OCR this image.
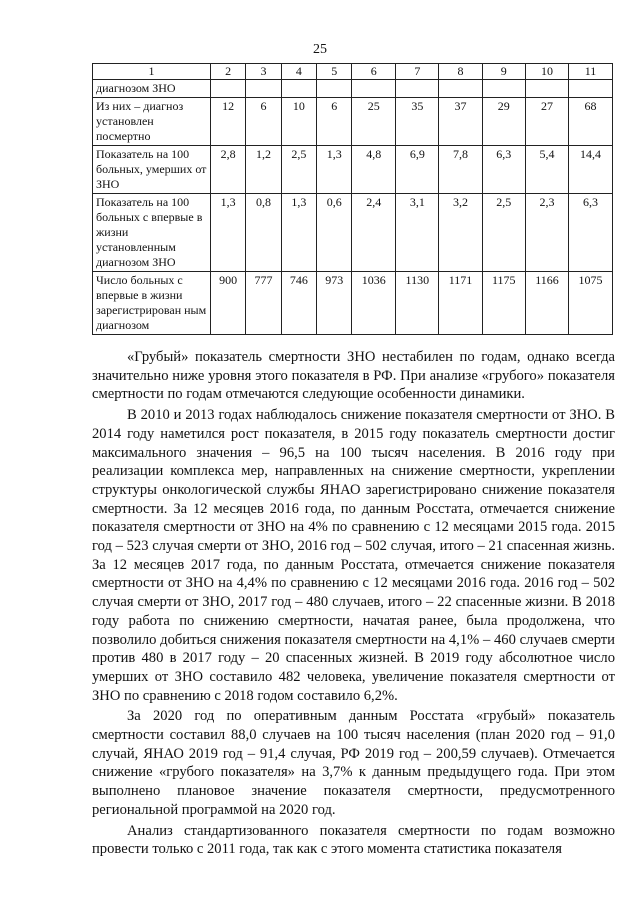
25
1	2	3	4	5	6	7	8	9	10	11
диагнозом ЗНО										
Из них – диагноз установлен посмертно	12	6	10	6	25	35	37	29	27	68
Показатель на 100 больных, умерших от ЗНО	2,8	1,2	2,5	1,3	4,8	6,9	7,8	6,3	5,4	14,4
Показатель на 100 больных с впервые в жизни установленным диагнозом ЗНО	1,3	0,8	1,3	0,6	2,4	3,1	3,2	2,5	2,3	6,3
Число больных с впервые в жизни зарегистрирован ным диагнозом	900	777	746	973	1036	1130	1171	1175	1166	1075

«Грубый» показатель смертности ЗНО нестабилен по годам, однако всегда значительно ниже уровня этого показателя в РФ. При анализе «грубого» показателя смертности по годам отмечаются следующие особенности динамики.

В 2010 и 2013 годах наблюдалось снижение показателя смертности от ЗНО. В 2014 году наметился рост показателя, в 2015 году показатель смертности достиг максимального значения – 96,5 на 100 тысяч населения. В 2016 году при реализации комплекса мер, направленных на снижение смертности, укреплении структуры онкологической службы ЯНАО зарегистрировано снижение показателя смертности. За 12 месяцев 2016 года, по данным Росстата, отмечается снижение показателя смертности от ЗНО на 4% по сравнению с 12 месяцами 2015 года. 2015 год – 523 случая смерти от ЗНО, 2016 год – 502 случая, итого – 21 спасенная жизнь. За 12 месяцев 2017 года, по данным Росстата, отмечается снижение показателя смертности от ЗНО на 4,4% по сравнению с 12 месяцами 2016 года. 2016 год – 502 случая смерти от ЗНО, 2017 год – 480 случаев, итого – 22 спасенные жизни. В 2018 году работа по снижению смертности, начатая ранее, была продолжена, что позволило добиться снижения показателя смертности на 4,1% – 460 случаев смерти против 480 в 2017 году – 20 спасенных жизней. В 2019 году абсолютное число умерших от ЗНО составило 482 человека, увеличение показателя смертности от ЗНО по сравнению с 2018 годом составило 6,2%.

За 2020 год по оперативным данным Росстата «грубый» показатель смертности составил 88,0 случаев на 100 тысяч населения (план 2020 год – 91,0 случай, ЯНАО 2019 год – 91,4 случая, РФ 2019 год – 200,59 случаев). Отмечается снижение «грубого показателя» на 3,7% к данным предыдущего года. При этом выполнено плановое значение показателя смертности, предусмотренного региональной программой на 2020 год.

Анализ стандартизованного показателя смертности по годам возможно провести только с 2011 года, так как с этого момента статистика показателя
